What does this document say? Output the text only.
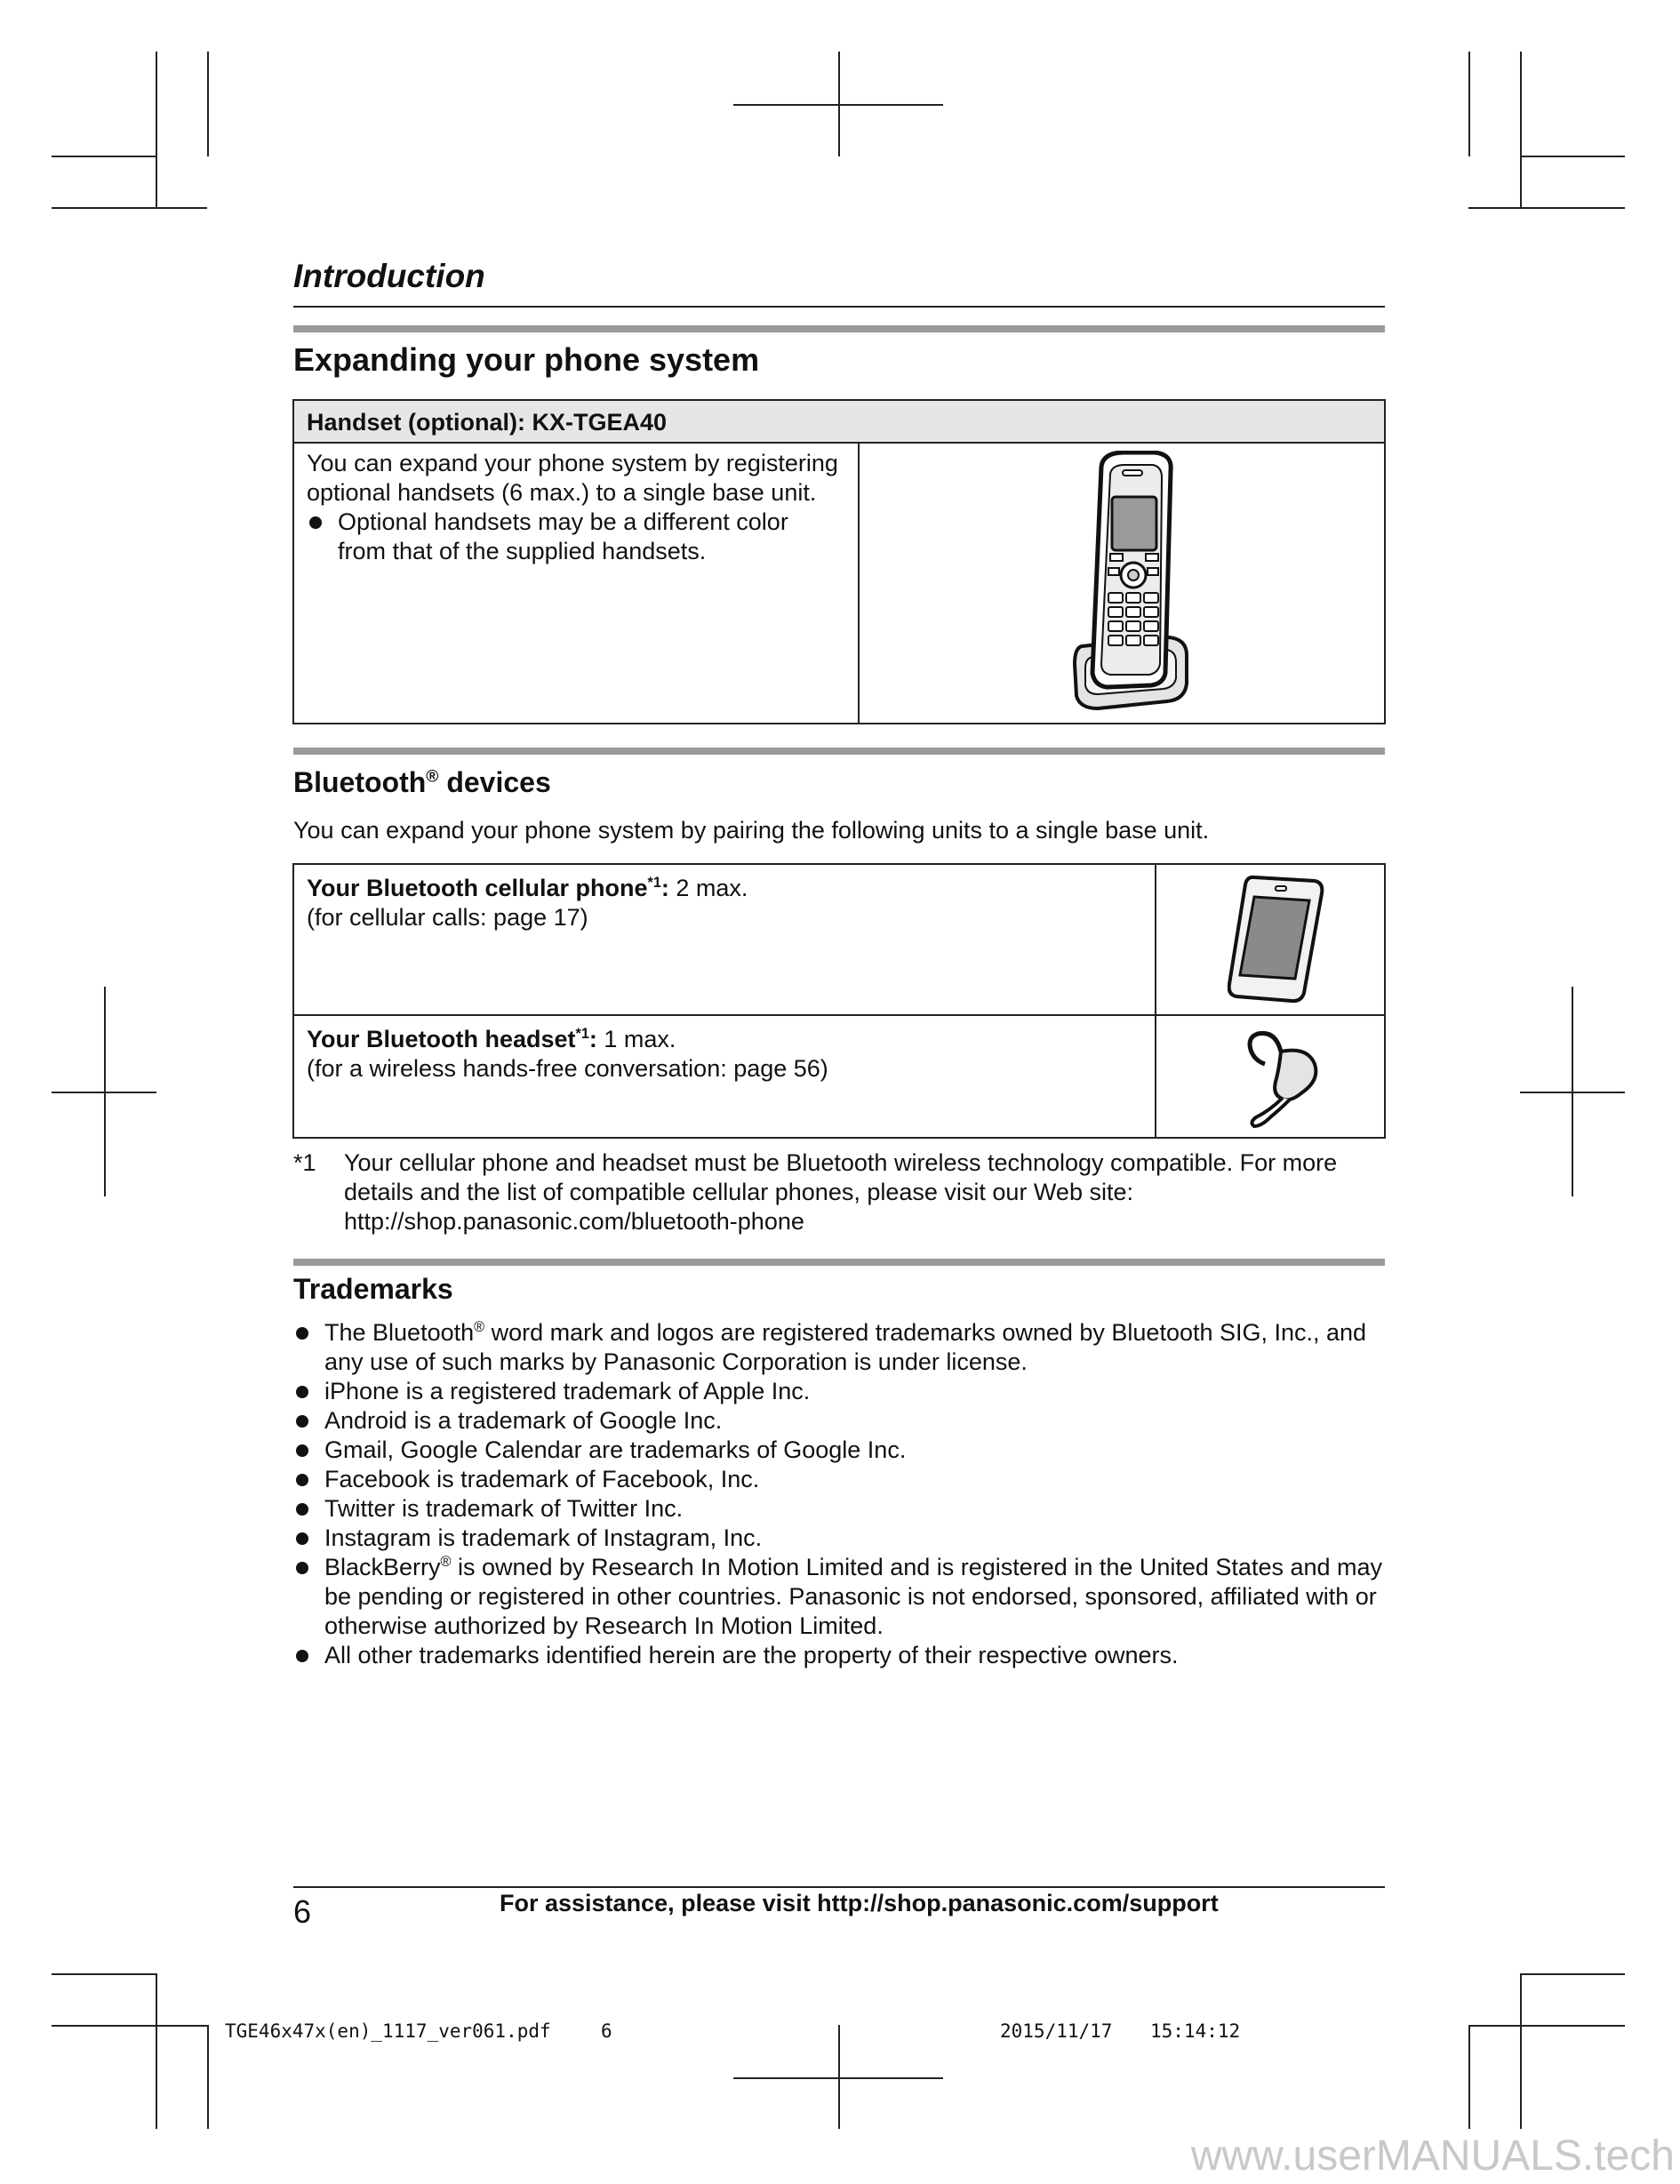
Introduction
Expanding your phone system
Handset (optional): KX-TGEA40

You can expand your phone system by registering optional handsets (6 max.) to a single base unit.
Optional handsets may be a different color from that of the supplied handsets.

Bluetooth® devices
You can expand your phone system by pairing the following units to a single base unit.
Your Bluetooth cellular phone$^{*1}$: 2 max.
(for cellular calls: page 17)

Your Bluetooth headset$^{*1}$: 1 max.
(for a wireless hands-free conversation: page 56)

*1 Your cellular phone and headset must be Bluetooth wireless technology compatible. For more details and the list of compatible cellular phones, please visit our Web site:
http://shop.panasonic.com/bluetooth-phone
Trademarks
The Bluetooth® word mark and logos are registered trademarks owned by Bluetooth SIG, Inc., and any use of such marks by Panasonic Corporation is under license.
iPhone is a registered trademark of Apple Inc.
Android is a trademark of Google Inc.
Gmail, Google Calendar are trademarks of Google Inc.
Facebook is trademark of Facebook, Inc.
Twitter is trademark of Twitter Inc.
Instagram is trademark of Instagram, Inc.
BlackBerry® is owned by Research In Motion Limited and is registered in the United States and may be pending or registered in other countries. Panasonic is not endorsed, sponsored, affiliated with or otherwise authorized by Research In Motion Limited.
All other trademarks identified herein are the property of their respective owners.
6	For assistance, please visit http://shop.panasonic.com/support
TGE46x47x(en)_1117_ver061.pdf	6	2015/11/17 15:14:12
www.userMANUALS.tech
